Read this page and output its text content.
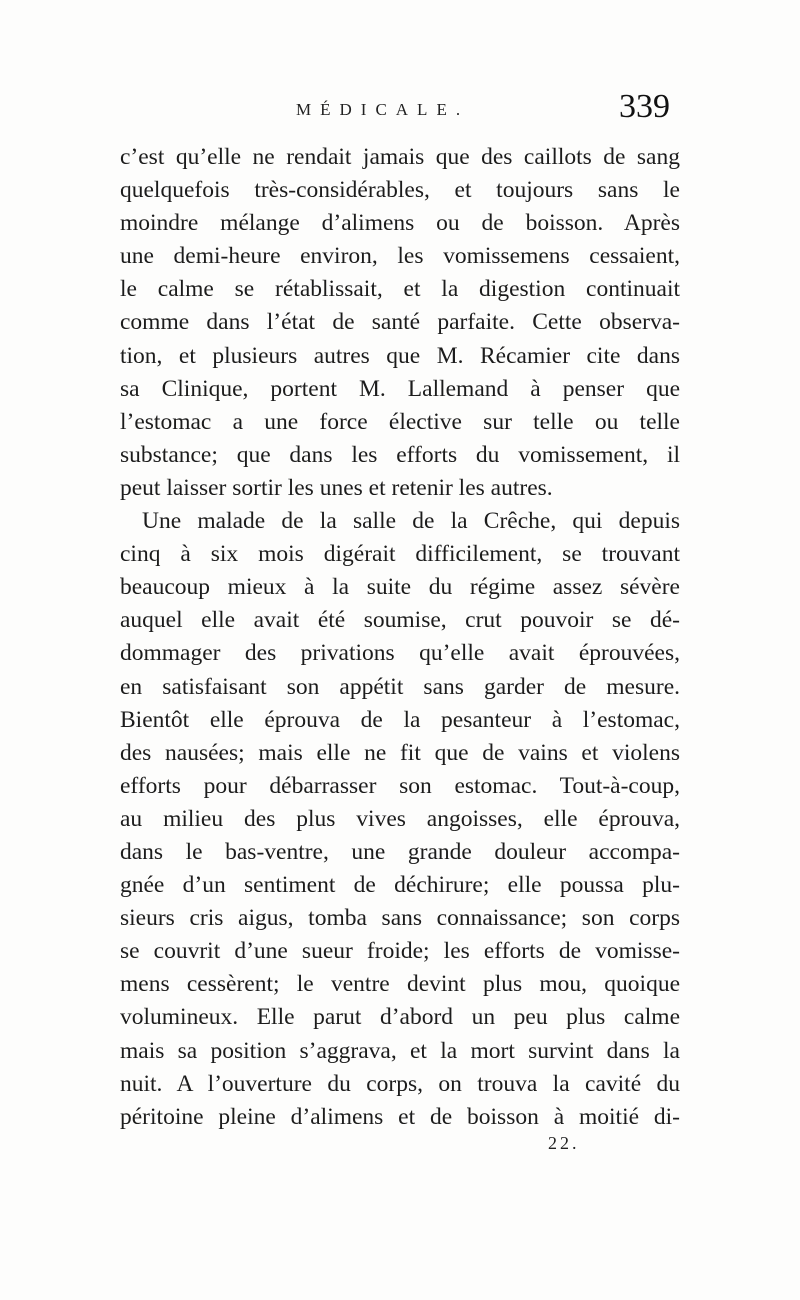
MÉDICALE.	339
c’est qu’elle ne rendait jamais que des caillots de sang
quelquefois très-considérables, et toujours sans le
moindre mélange d’alimens ou de boisson. Après
une demi-heure environ, les vomissemens cessaient,
le calme se rétablissait, et la digestion continuait
comme dans l’état de santé parfaite. Cette observa-
tion, et plusieurs autres que M. Récamier cite dans
sa Clinique, portent M. Lallemand à penser que
l’estomac a une force élective sur telle ou telle
substance; que dans les efforts du vomissement, il
peut laisser sortir les unes et retenir les autres.
Une malade de la salle de la Crêche, qui depuis
cinq à six mois digérait difficilement, se trouvant
beaucoup mieux à la suite du régime assez sévère
auquel elle avait été soumise, crut pouvoir se dé-
dommager des privations qu’elle avait éprouvées,
en satisfaisant son appétit sans garder de mesure.
Bientôt elle éprouva de la pesanteur à l’estomac,
des nausées; mais elle ne fit que de vains et violens
efforts pour débarrasser son estomac. Tout-à-coup,
au milieu des plus vives angoisses, elle éprouva,
dans le bas-ventre, une grande douleur accompa-
gnée d’un sentiment de déchirure; elle poussa plu-
sieurs cris aigus, tomba sans connaissance; son corps
se couvrit d’une sueur froide; les efforts de vomisse-
mens cessèrent; le ventre devint plus mou, quoique
volumineux. Elle parut d’abord un peu plus calme
mais sa position s’aggrava, et la mort survint dans la
nuit. A l’ouverture du corps, on trouva la cavité du
péritoine pleine d’alimens et de boisson à moitié di-
22.
